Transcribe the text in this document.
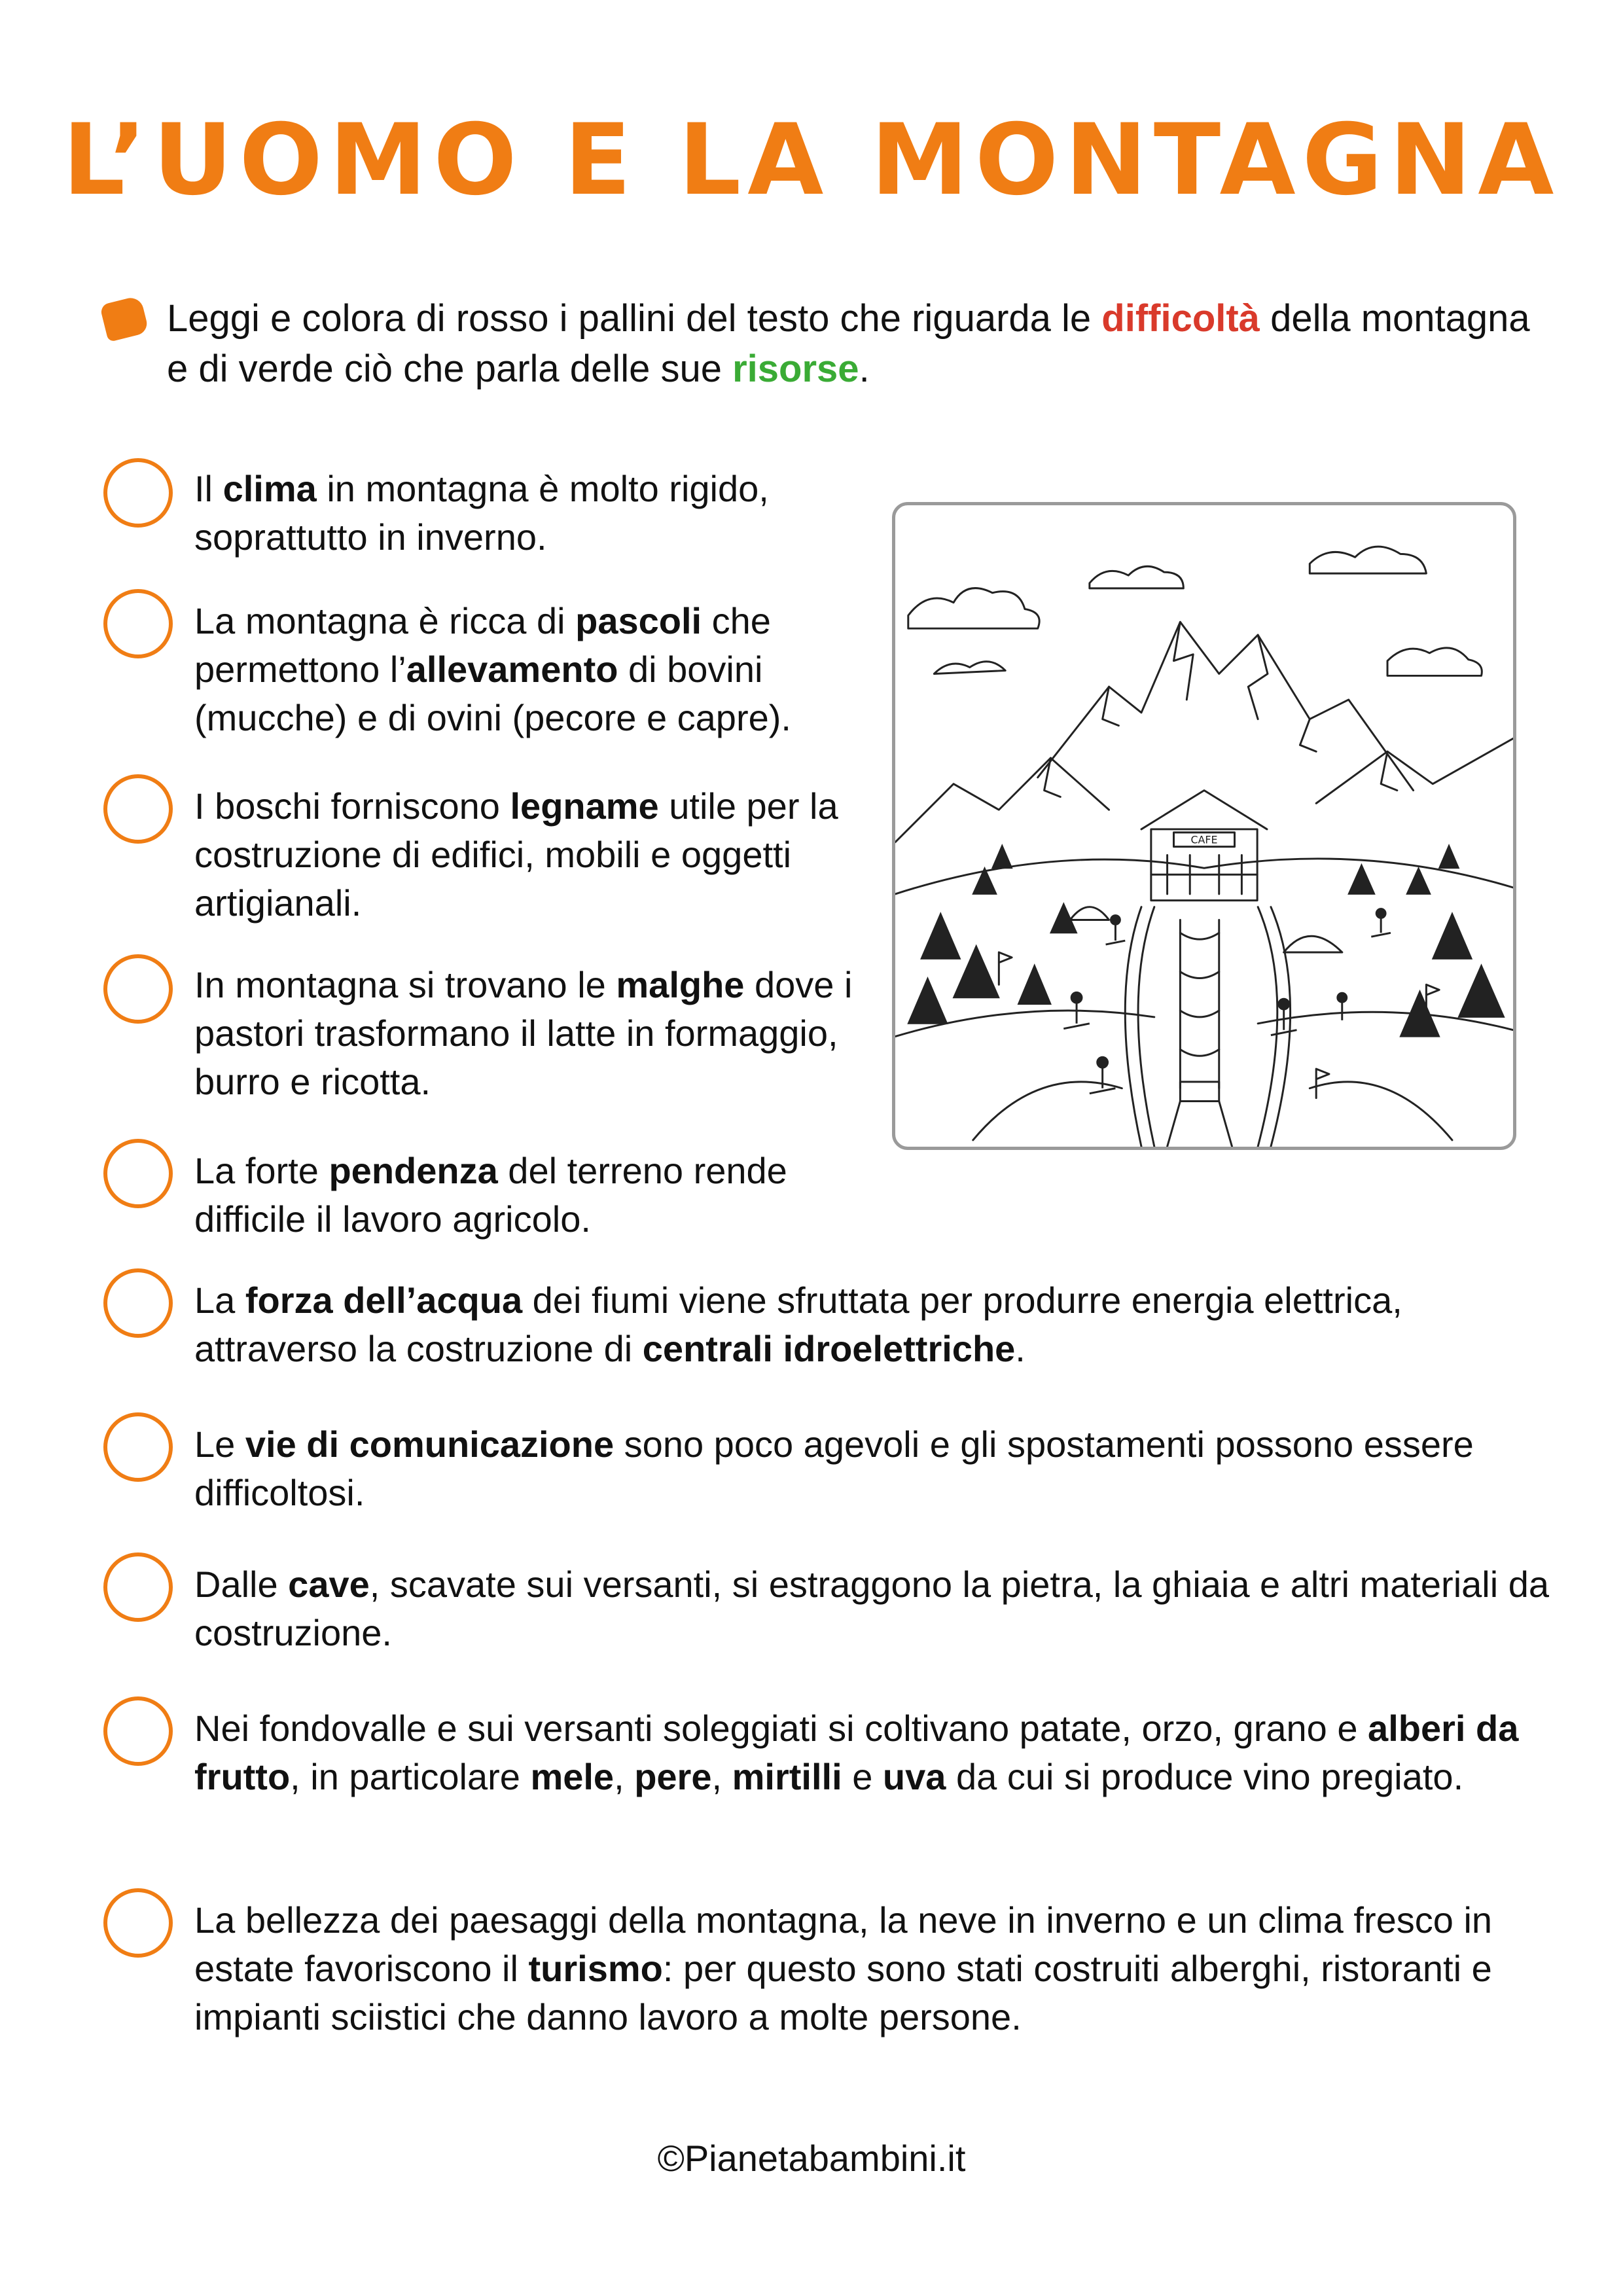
L’UOMO E LA MONTAGNA
Leggi e colora di rosso i pallini del testo che riguarda le difficoltà della montagna e di verde ciò che parla delle sue risorse.
Il clima in montagna è molto rigido, soprattutto in inverno.
La montagna è ricca di pascoli che permettono l’allevamento di bovini (mucche) e di ovini (pecore e capre).
I boschi forniscono legname utile per la costruzione di edifici, mobili e oggetti artigianali.
In montagna si trovano le malghe dove i pastori trasformano il latte in formaggio, burro e ricotta.
La forte pendenza del terreno rende difficile il lavoro agricolo.
La forza dell’acqua dei fiumi viene sfruttata per produrre energia elettrica, attraverso la costruzione di centrali idroelettriche.
Le vie di comunicazione sono poco agevoli e gli spostamenti possono essere difficoltosi.
Dalle cave, scavate sui versanti, si estraggono la pietra, la ghiaia e altri materiali da costruzione.
Nei fondovalle e sui versanti soleggiati si coltivano patate, orzo, grano e alberi da frutto, in particolare mele, pere, mirtilli e uva da cui si produce vino pregiato.
La bellezza dei paesaggi della montagna, la neve in inverno e un clima fresco in estate favoriscono il turismo: per questo sono stati costruiti alberghi, ristoranti e impianti sciistici che danno lavoro a molte persone.
CAFE
©Pianetabambini.it
